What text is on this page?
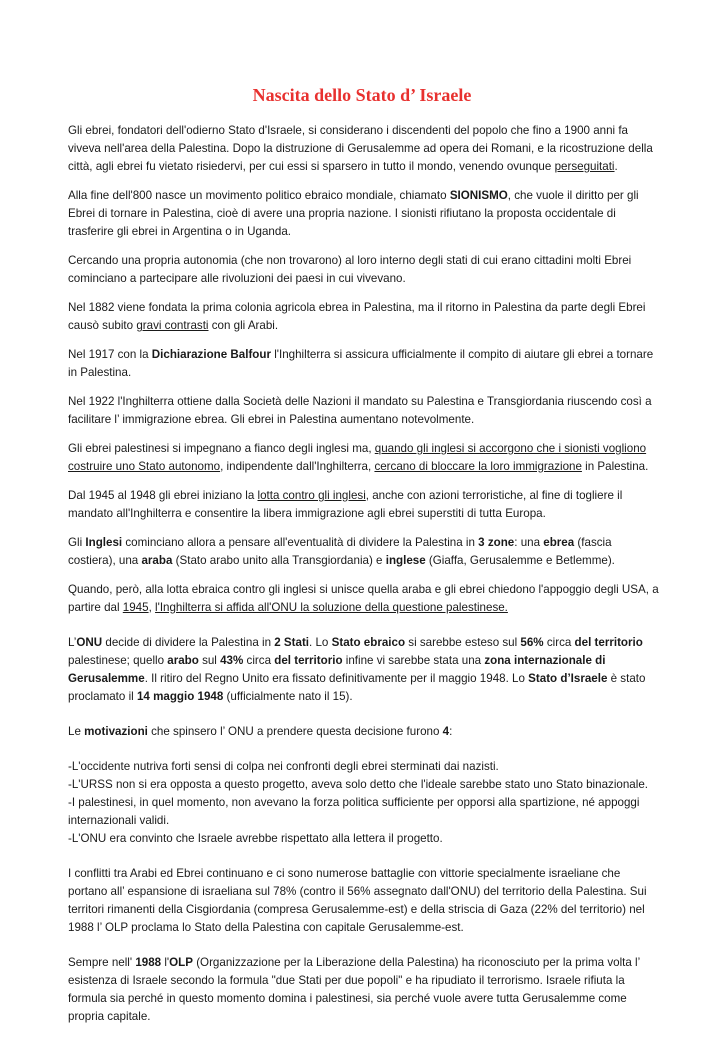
Nascita dello Stato d’ Israele

Gli ebrei, fondatori dell'odierno Stato d'Israele, si considerano i discendenti del popolo che fino a 1900 anni fa viveva nell'area della Palestina. Dopo la distruzione di Gerusalemme ad opera dei Romani, e la ricostruzione della città, agli ebrei fu vietato risiedervi, per cui essi si sparsero in tutto il mondo, venendo ovunque perseguitati.

Alla fine dell'800 nasce un movimento politico ebraico mondiale, chiamato SIONISMO, che vuole il diritto per gli Ebrei di tornare in Palestina, cioè di avere una propria nazione. I sionisti rifiutano la proposta occidentale di trasferire gli ebrei in Argentina o in Uganda.

Cercando una propria autonomia (che non trovarono) al loro interno degli stati di cui erano cittadini molti Ebrei cominciano a partecipare alle rivoluzioni dei paesi in cui vivevano.

Nel 1882 viene fondata la prima colonia agricola ebrea in Palestina, ma il ritorno in Palestina da parte degli Ebrei causò subito gravi contrasti con gli Arabi.

Nel 1917 con la Dichiarazione Balfour l'Inghilterra si assicura ufficialmente il compito di aiutare gli ebrei a tornare in Palestina.

Nel 1922 l'Inghilterra ottiene dalla Società delle Nazioni il mandato su Palestina e Transgiordania riuscendo così a facilitare l’ immigrazione ebrea. Gli ebrei in Palestina aumentano notevolmente.

Gli ebrei palestinesi si impegnano a fianco degli inglesi ma, quando gli inglesi si accorgono che i sionisti vogliono costruire uno Stato autonomo, indipendente dall'Inghilterra, cercano di bloccare la loro immigrazione in Palestina.

Dal 1945 al 1948 gli ebrei iniziano la lotta contro gli inglesi, anche con azioni terroristiche, al fine di togliere il mandato all'Inghilterra e consentire la libera immigrazione agli ebrei superstiti di tutta Europa.

Gli Inglesi cominciano allora a pensare all'eventualità di dividere la Palestina in 3 zone: una ebrea (fascia costiera), una araba (Stato arabo unito alla Transgiordania) e inglese (Giaffa, Gerusalemme e Betlemme).

Quando, però, alla lotta ebraica contro gli inglesi si unisce quella araba e gli ebrei chiedono l'appoggio degli USA, a partire dal 1945, l'Inghilterra si affida all'ONU la soluzione della questione palestinese.

L’ONU decide di dividere la Palestina in 2 Stati. Lo Stato ebraico si sarebbe esteso sul 56% circa del territorio palestinese; quello arabo sul 43% circa del territorio infine vi sarebbe stata una zona internazionale di Gerusalemme. Il ritiro del Regno Unito era fissato definitivamente per il maggio 1948. Lo Stato d’Israele è stato proclamato il 14 maggio 1948 (ufficialmente nato il 15).

Le motivazioni che spinsero l’ ONU a prendere questa decisione furono 4:

-L'occidente nutriva forti sensi di colpa nei confronti degli ebrei sterminati dai nazisti.
-L'URSS non si era opposta a questo progetto, aveva solo detto che l'ideale sarebbe stato uno Stato binazionale.
-I palestinesi, in quel momento, non avevano la forza politica sufficiente per opporsi alla spartizione, né appoggi internazionali validi.
-L'ONU era convinto che Israele avrebbe rispettato alla lettera il progetto.

I conflitti tra Arabi ed Ebrei continuano e ci sono numerose battaglie con vittorie specialmente israeliane che portano all’ espansione di israeliana sul 78% (contro il 56% assegnato dall'ONU) del territorio della Palestina. Sui territori rimanenti della Cisgiordania (compresa Gerusalemme-est) e della striscia di Gaza (22% del territorio) nel 1988 l’ OLP proclama lo Stato della Palestina con capitale Gerusalemme-est.

Sempre nell' 1988 l'OLP (Organizzazione per la Liberazione della Palestina) ha riconosciuto per la prima volta l’ esistenza di Israele secondo la formula "due Stati per due popoli" e ha ripudiato il terrorismo. Israele rifiuta la formula sia perché in questo momento domina i palestinesi, sia perché vuole avere tutta Gerusalemme come propria capitale.
